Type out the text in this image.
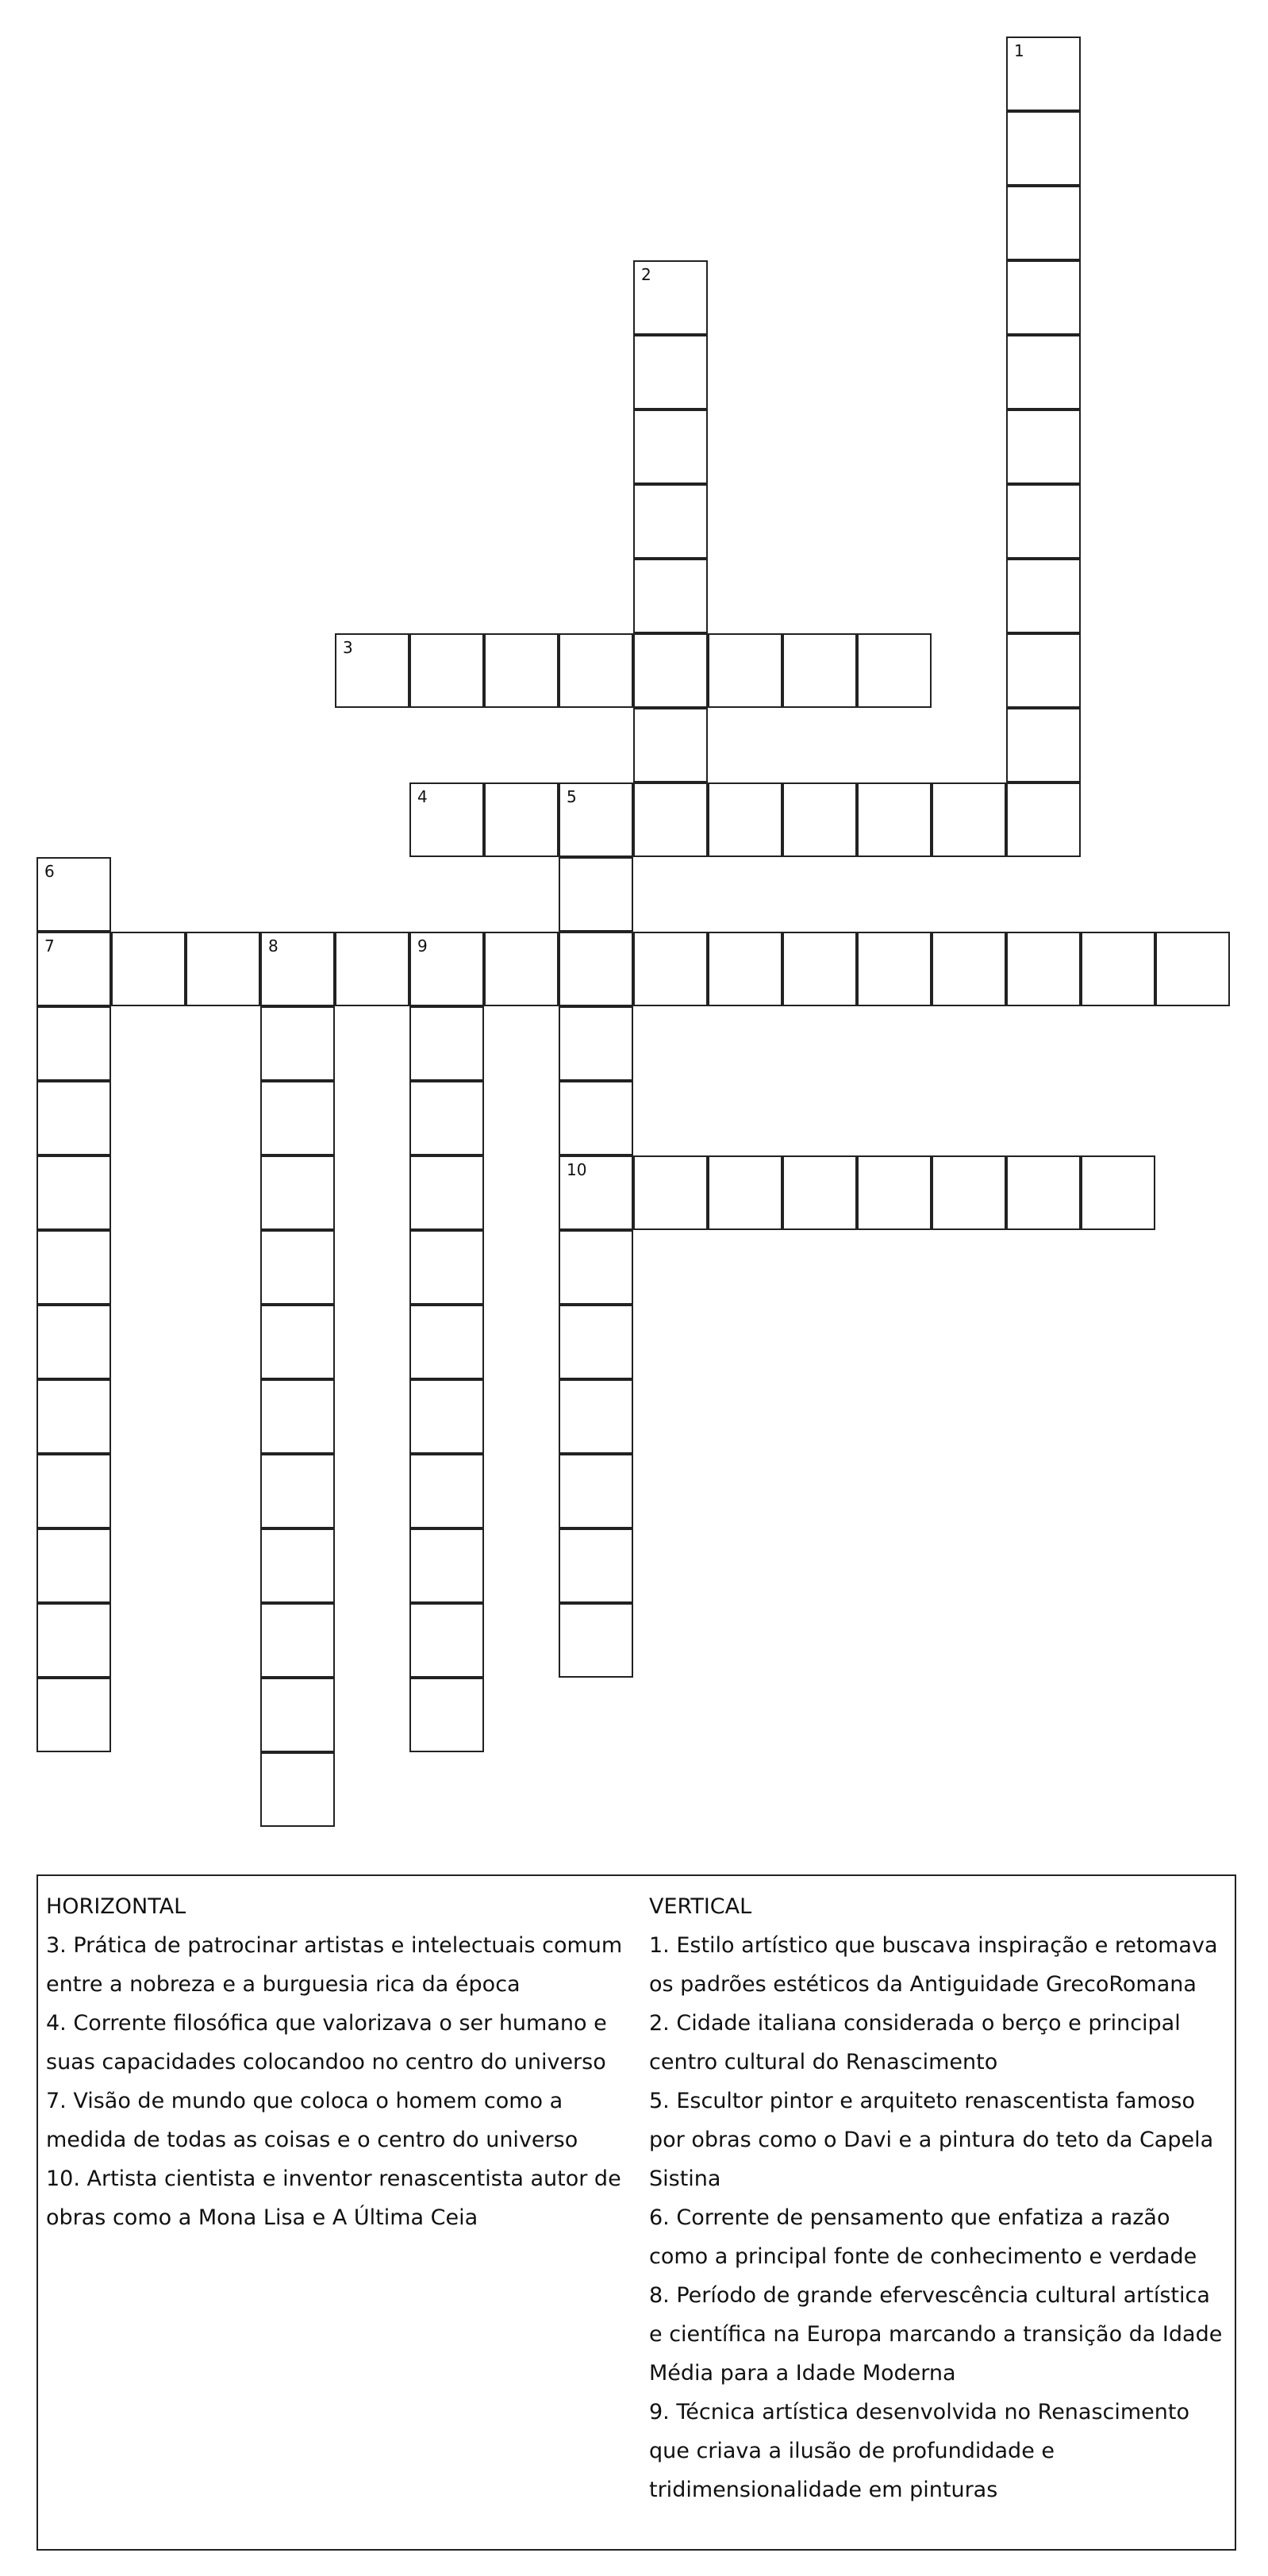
1
2
3
4	5
10
6
7	8	9
HORIZONTAL
3. Prática de patrocinar artistas e intelectuais comum entre a nobreza e a burguesia rica da época
4. Corrente filosófica que valorizava o ser humano e suas capacidades colocandoo no centro do universo
7. Visão de mundo que coloca o homem como a medida de todas as coisas e o centro do universo
10. Artista cientista e inventor renascentista autor de obras como a Mona Lisa e A Última Ceia
VERTICAL
1. Estilo artístico que buscava inspiração e retomava os padrões estéticos da Antiguidade GrecoRomana
2. Cidade italiana considerada o berço e principal centro cultural do Renascimento
5. Escultor pintor e arquiteto renascentista famoso por obras como o Davi e a pintura do teto da Capela Sistina
6. Corrente de pensamento que enfatiza a razão como a principal fonte de conhecimento e verdade
8. Período de grande efervescência cultural artística e científica na Europa marcando a transição da Idade Média para a Idade Moderna
9. Técnica artística desenvolvida no Renascimento que criava a ilusão de profundidade e tridimensionalidade em pinturas
